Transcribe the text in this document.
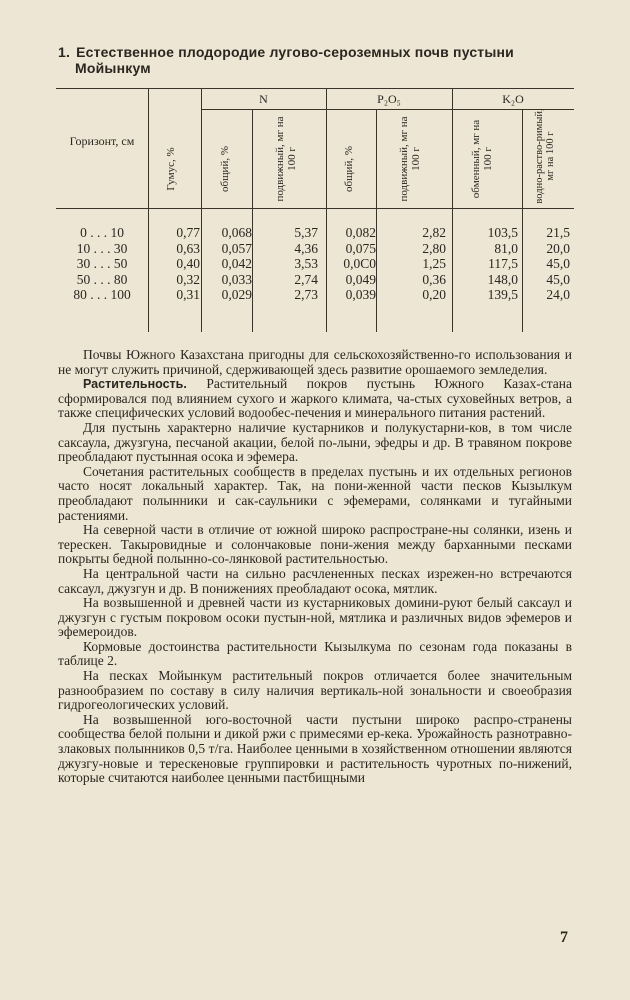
1. Естественное плодородие лугово-сероземных почв пустыни
Мойынкум
N	P₂O₅	K₂O
Горизонт, см
Гумус, %	общий, %	подвижный, мг на 100 г	общий, %	подвижный, мг на 100 г	обменный, мг на 100 г	водно-раство-римый, мг на 100 г
0 . . . 10	0,77	0,068	5,37	0,082	2,82	103,5	21,5
10 . . . 30	0,63	0,057	4,36	0,075	2,80	81,0	20,0
30 . . . 50	0,40	0,042	3,53	0,0С0	1,25	117,5	45,0
50 . . . 80	0,32	0,033	2,74	0,049	0,36	148,0	45,0
80 . . . 100	0,31	0,029	2,73	0,039	0,20	139,5	24,0

Почвы Южного Казахстана пригодны для сельскохозяйственно-го использования и не могут служить причиной, сдерживающей здесь развитие орошаемого земледелия.

Растительность. Растительный покров пустынь Южного Казах-стана сформировался под влиянием сухого и жаркого климата, ча-стых суховейных ветров, а также специфических условий водообес-печения и минерального питания растений.

Для пустынь характерно наличие кустарников и полукустарни-ков, в том числе саксаула, джузгуна, песчаной акации, белой по-лыни, эфедры и др. В травяном покрове преобладают пустынная осока и эфемера.

Сочетания растительных сообществ в пределах пустынь и их отдельных регионов часто носят локальный характер. Так, на пони-женной части песков Кызылкум преобладают полынники и сак-саульники с эфемерами, солянками и тугайными растениями.

На северной части в отличие от южной широко распростране-ны солянки, изень и терескен. Такыровидные и солончаковые пони-жения между барханными песками покрыты бедной полынно-со-лянковой растительностью.

На центральной части на сильно расчлененных песках изрежен-но встречаются саксаул, джузгун и др. В понижениях преобладают осока, мятлик.

На возвышенной и древней части из кустарниковых домини-руют белый саксаул и джузгун с густым покровом осоки пустын-ной, мятлика и различных видов эфемеров и эфемероидов.

Кормовые достоинства растительности Кызылкума по сезонам года показаны в таблице 2.

На песках Мойынкум растительный покров отличается более значительным разнообразием по составу в силу наличия вертикаль-ной зональности и своеобразия гидрогеологических условий.

На возвышенной юго-восточной части пустыни широко распро-странены сообщества белой полыни и дикой ржи с примесями ер-кека. Урожайность разнотравно-злаковых полынников 0,5 т/га. Наиболее ценными в хозяйственном отношении являются джузгу-новые и терескеновые группировки и растительность чуротных по-нижений, которые считаются наиболее ценными пастбищными

7
